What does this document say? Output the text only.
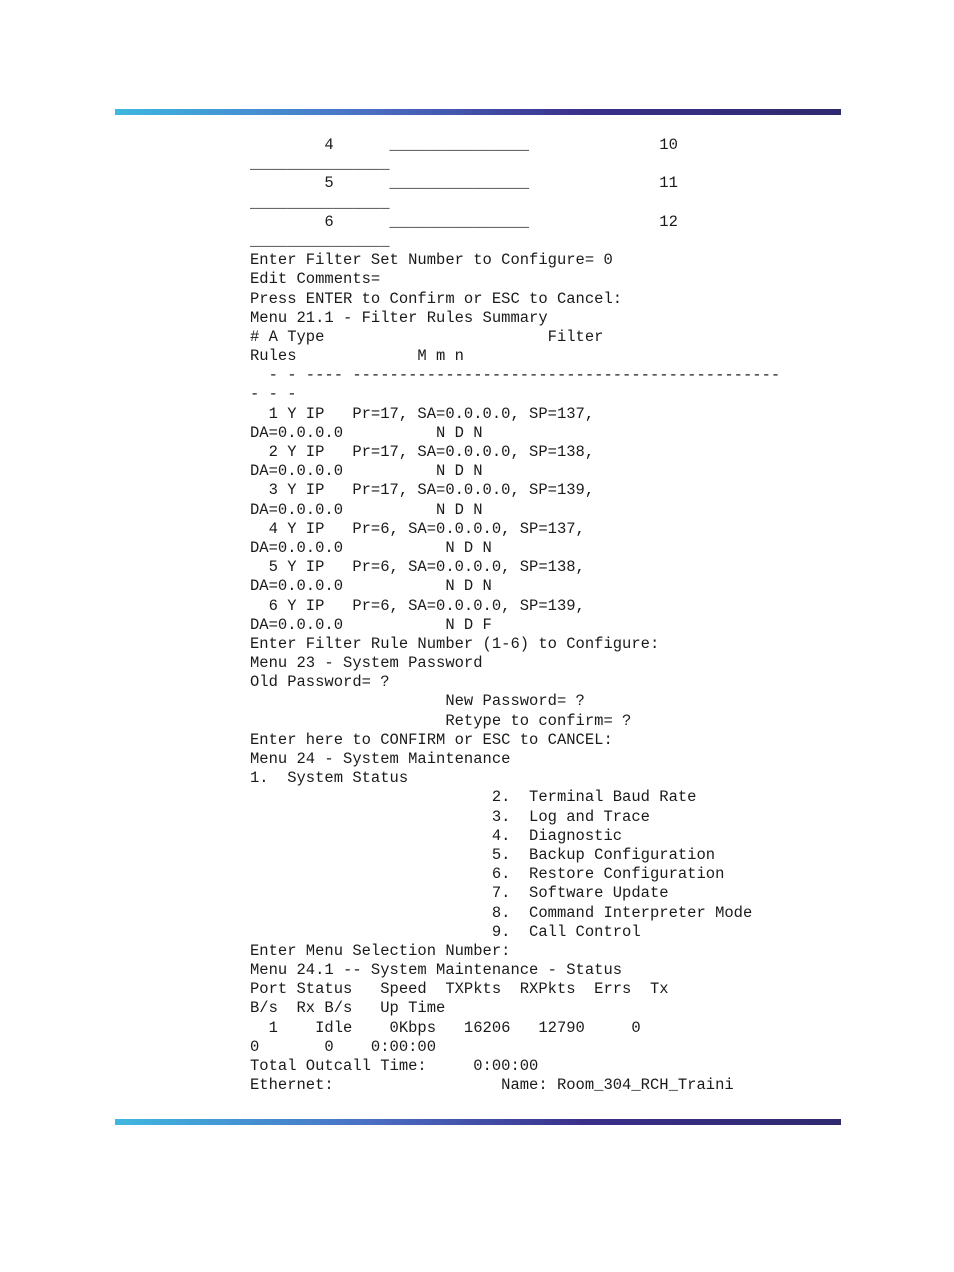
4      _______________              10
_______________
5      _______________              11
_______________
6      _______________              12
_______________
Enter Filter Set Number to Configure= 0
Edit Comments=
Press ENTER to Confirm or ESC to Cancel:
Menu 21.1 - Filter Rules Summary
# A Type                        Filter
Rules             M m n
- - ---- ----------------------------------------------
- - -
1 Y IP   Pr=17, SA=0.0.0.0, SP=137,
DA=0.0.0.0          N D N
2 Y IP   Pr=17, SA=0.0.0.0, SP=138,
DA=0.0.0.0          N D N
3 Y IP   Pr=17, SA=0.0.0.0, SP=139,
DA=0.0.0.0          N D N
4 Y IP   Pr=6, SA=0.0.0.0, SP=137,
DA=0.0.0.0           N D N
5 Y IP   Pr=6, SA=0.0.0.0, SP=138,
DA=0.0.0.0           N D N
6 Y IP   Pr=6, SA=0.0.0.0, SP=139,
DA=0.0.0.0           N D F
Enter Filter Rule Number (1-6) to Configure:
Menu 23 - System Password
Old Password= ?
New Password= ?
Retype to confirm= ?
Enter here to CONFIRM or ESC to CANCEL:
Menu 24 - System Maintenance
1.  System Status
2.  Terminal Baud Rate
3.  Log and Trace
4.  Diagnostic
5.  Backup Configuration
6.  Restore Configuration
7.  Software Update
8.  Command Interpreter Mode
9.  Call Control
Enter Menu Selection Number:
Menu 24.1 -- System Maintenance - Status
Port Status   Speed  TXPkts  RXPkts  Errs  Tx
B/s  Rx B/s   Up Time
1    Idle    0Kbps   16206   12790     0
0       0    0:00:00
Total Outcall Time:     0:00:00
Ethernet:                  Name: Room_304_RCH_Traini
